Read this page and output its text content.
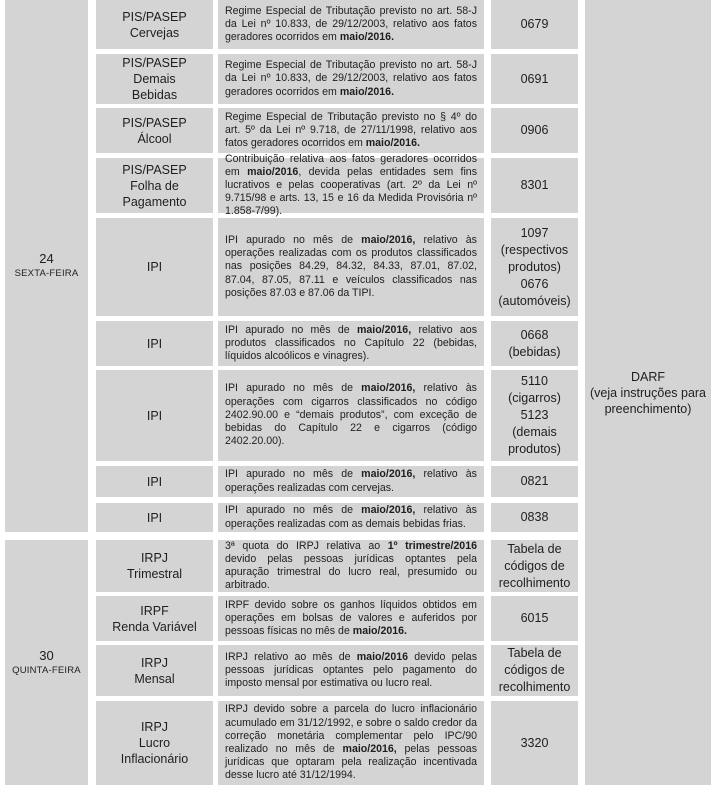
24
SEXTA-FEIRA
30
QUINTA-FEIRA
DARF
(veja instruções para
preenchimento)
PIS/PASEP
Cervejas
Regime Especial de Tributação previsto no art. 58-J da Lei nº 10.833, de 29/12/2003, relativo aos fatos geradores ocorridos em maio/2016.
0679
PIS/PASEP
Demais
Bebidas
Regime Especial de Tributação previsto no art. 58-J da Lei nº 10.833, de 29/12/2003, relativo aos fatos geradores ocorridos em maio/2016.
0691
PIS/PASEP
Álcool
Regime Especial de Tributação previsto no § 4º do art. 5º da Lei nº 9.718, de 27/11/1998, relativo aos fatos geradores ocorridos em maio/2016.
0906
PIS/PASEP
Folha de
Pagamento
Contribuição relativa aos fatos geradores ocorridos em maio/2016, devida pelas entidades sem fins lucrativos e pelas cooperativas (art. 2º da Lei nº 9.715/98 e arts. 13, 15 e 16 da Medida Provisória nº 1.858-7/99).
8301
IPI
IPI apurado no mês de maio/2016, relativo às operações realizadas com os produtos classificados nas posições 84.29, 84.32, 84.33, 87.01, 87.02, 87.04, 87.05, 87.11 e veículos classificados nas posições 87.03 e 87.06 da TIPI.
1097
(respectivos
produtos)
0676
(automóveis)
IPI
IPI apurado no mês de maio/2016, relativo aos produtos classificados no Capítulo 22 (bebidas, líquidos alcoólicos e vinagres).
0668
(bebidas)
IPI
IPI apurado no mês de maio/2016, relativo às operações com cigarros classificados no código 2402.90.00 e “demais produtos”, com exceção de bebidas do Capítulo 22 e cigarros (código 2402.20.00).
5110
(cigarros)
5123
(demais
produtos)
IPI
IPI apurado no mês de maio/2016, relativo às operações realizadas com cervejas.	0821
IPI
IPI apurado no mês de maio/2016, relativo às operações realizadas com as demais bebidas frias.	0838
IRPJ
Trimestral
3ª quota do IRPJ relativa ao 1º trimestre/2016 devido pelas pessoas jurídicas optantes pela apuração trimestral do lucro real, presumido ou arbitrado.
Tabela de
códigos de
recolhimento
IRPF
Renda Variável
IRPF devido sobre os ganhos líquidos obtidos em operações em bolsas de valores e auferidos por pessoas físicas no mês de maio/2016.
6015
IRPJ
Mensal
IRPJ relativo ao mês de maio/2016 devido pelas pessoas jurídicas optantes pelo pagamento do imposto mensal por estimativa ou lucro real.
Tabela de
códigos de
recolhimento
IRPJ
Lucro
Inflacionário
IRPJ devido sobre a parcela do lucro inflacionário acumulado em 31/12/1992, e sobre o saldo credor da correção monetária complementar pelo IPC/90 realizado no mês de maio/2016, pelas pessoas jurídicas que optaram pela realização incentivada desse lucro até 31/12/1994.
3320
